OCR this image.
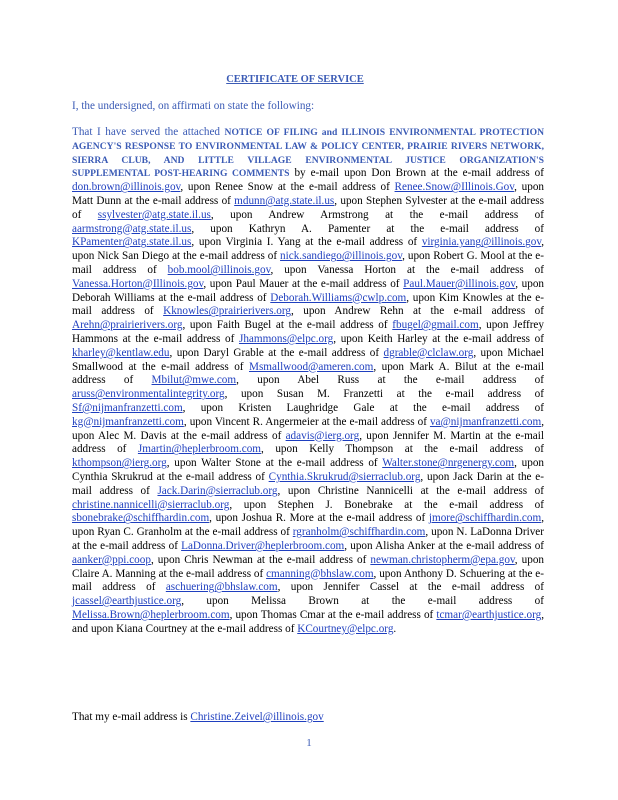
CERTIFICATE OF SERVICE
I, the undersigned, on affirmati on state the following:
That I have served the attached NOTICE OF FILING and ILLINOIS ENVIRONMENTAL PROTECTION AGENCY'S RESPONSE TO ENVIRONMENTAL LAW & POLICY CENTER, PRAIRIE RIVERS NETWORK, SIERRA CLUB, AND LITTLE VILLAGE ENVIRONMENTAL JUSTICE ORGANIZATION'S SUPPLEMENTAL POST-HEARING COMMENTS by e-mail upon Don Brown at the e-mail address of don.brown@illinois.gov, upon Renee Snow at the e-mail address of Renee.Snow@Illinois.Gov, upon Matt Dunn at the e-mail address of mdunn@atg.state.il.us, upon Stephen Sylvester at the e-mail address of ssylvester@atg.state.il.us, upon Andrew Armstrong at the e-mail address of aarmstrong@atg.state.il.us, upon Kathryn A. Pamenter at the e-mail address of KPamenter@atg.state.il.us, upon Virginia I. Yang at the e-mail address of virginia.yang@illinois.gov, upon Nick San Diego at the e-mail address of nick.sandiego@illinois.gov, upon Robert G. Mool at the e-mail address of bob.mool@illinois.gov, upon Vanessa Horton at the e-mail address of Vanessa.Horton@Illinois.gov, upon Paul Mauer at the e-mail address of Paul.Mauer@illinois.gov, upon Deborah Williams at the e-mail address of Deborah.Williams@cwlp.com, upon Kim Knowles at the e-mail address of Kknowles@prairierivers.org, upon Andrew Rehn at the e-mail address of Arehn@prairierivers.org, upon Faith Bugel at the e-mail address of fbugel@gmail.com, upon Jeffrey Hammons at the e-mail address of Jhammons@elpc.org, upon Keith Harley at the e-mail address of kharley@kentlaw.edu, upon Daryl Grable at the e-mail address of dgrable@clclaw.org, upon Michael Smallwood at the e-mail address of Msmallwood@ameren.com, upon Mark A. Bilut at the e-mail address of Mbilut@mwe.com, upon Abel Russ at the e-mail address of aruss@environmentalintegrity.org, upon Susan M. Franzetti at the e-mail address of Sf@nijmanfranzetti.com, upon Kristen Laughridge Gale at the e-mail address of kg@nijmanfranzetti.com, upon Vincent R. Angermeier at the e-mail address of va@nijmanfranzetti.com, upon Alec M. Davis at the e-mail address of adavis@ierg.org, upon Jennifer M. Martin at the e-mail address of Jmartin@heplerbroom.com, upon Kelly Thompson at the e-mail address of kthompson@ierg.org, upon Walter Stone at the e-mail address of Walter.stone@nrgenergy.com, upon Cynthia Skrukrud at the e-mail address of Cynthia.Skrukrud@sierraclub.org, upon Jack Darin at the e-mail address of Jack.Darin@sierraclub.org, upon Christine Nannicelli at the e-mail address of christine.nannicelli@sierraclub.org, upon Stephen J. Bonebrake at the e-mail address of sbonebrake@schiffhardin.com, upon Joshua R. More at the e-mail address of jmore@schiffhardin.com, upon Ryan C. Granholm at the e-mail address of rgranholm@schiffhardin.com, upon N. LaDonna Driver at the e-mail address of LaDonna.Driver@heplerbroom.com, upon Alisha Anker at the e-mail address of aanker@ppi.coop, upon Chris Newman at the e-mail address of newman.christopherm@epa.gov, upon Claire A. Manning at the e-mail address of cmanning@bhslaw.com, upon Anthony D. Schuering at the e-mail address of aschuering@bhslaw.com, upon Jennifer Cassel at the e-mail address of jcassel@earthjustice.org, upon Melissa Brown at the e-mail address of Melissa.Brown@heplerbroom.com, upon Thomas Cmar at the e-mail address of tcmar@earthjustice.org, and upon Kiana Courtney at the e-mail address of KCourtney@elpc.org.
That my e-mail address is Christine.Zeivel@illinois.gov
1
